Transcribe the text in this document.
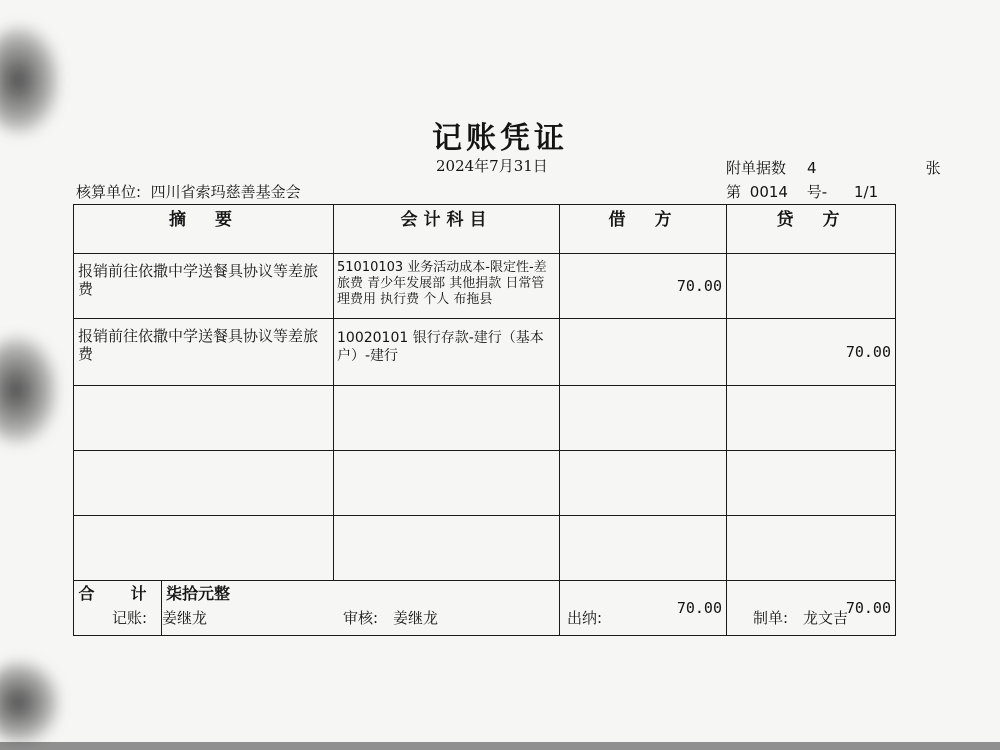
记账凭证
2024年7月31日
核算单位: 四川省索玛慈善基金会
附单据数 4	张
第 0014 号- 1/1
摘　要		会计科目	借　方	贷　方
报销前往依撒中学送餐具协议等差旅费		51010103 业务活动成本-限定性-差旅费 青少年发展部 其他捐款 日常管理费用 执行费 个人 布拖县	70.00	
报销前往依撒中学送餐具协议等差旅费		10020101 银行存款-建行（基本户）-建行		70.00

合　计	柒拾元整		70.00	70.00
记账:　姜继龙	审核:　姜继龙	出纳:	制单:　龙文吉
